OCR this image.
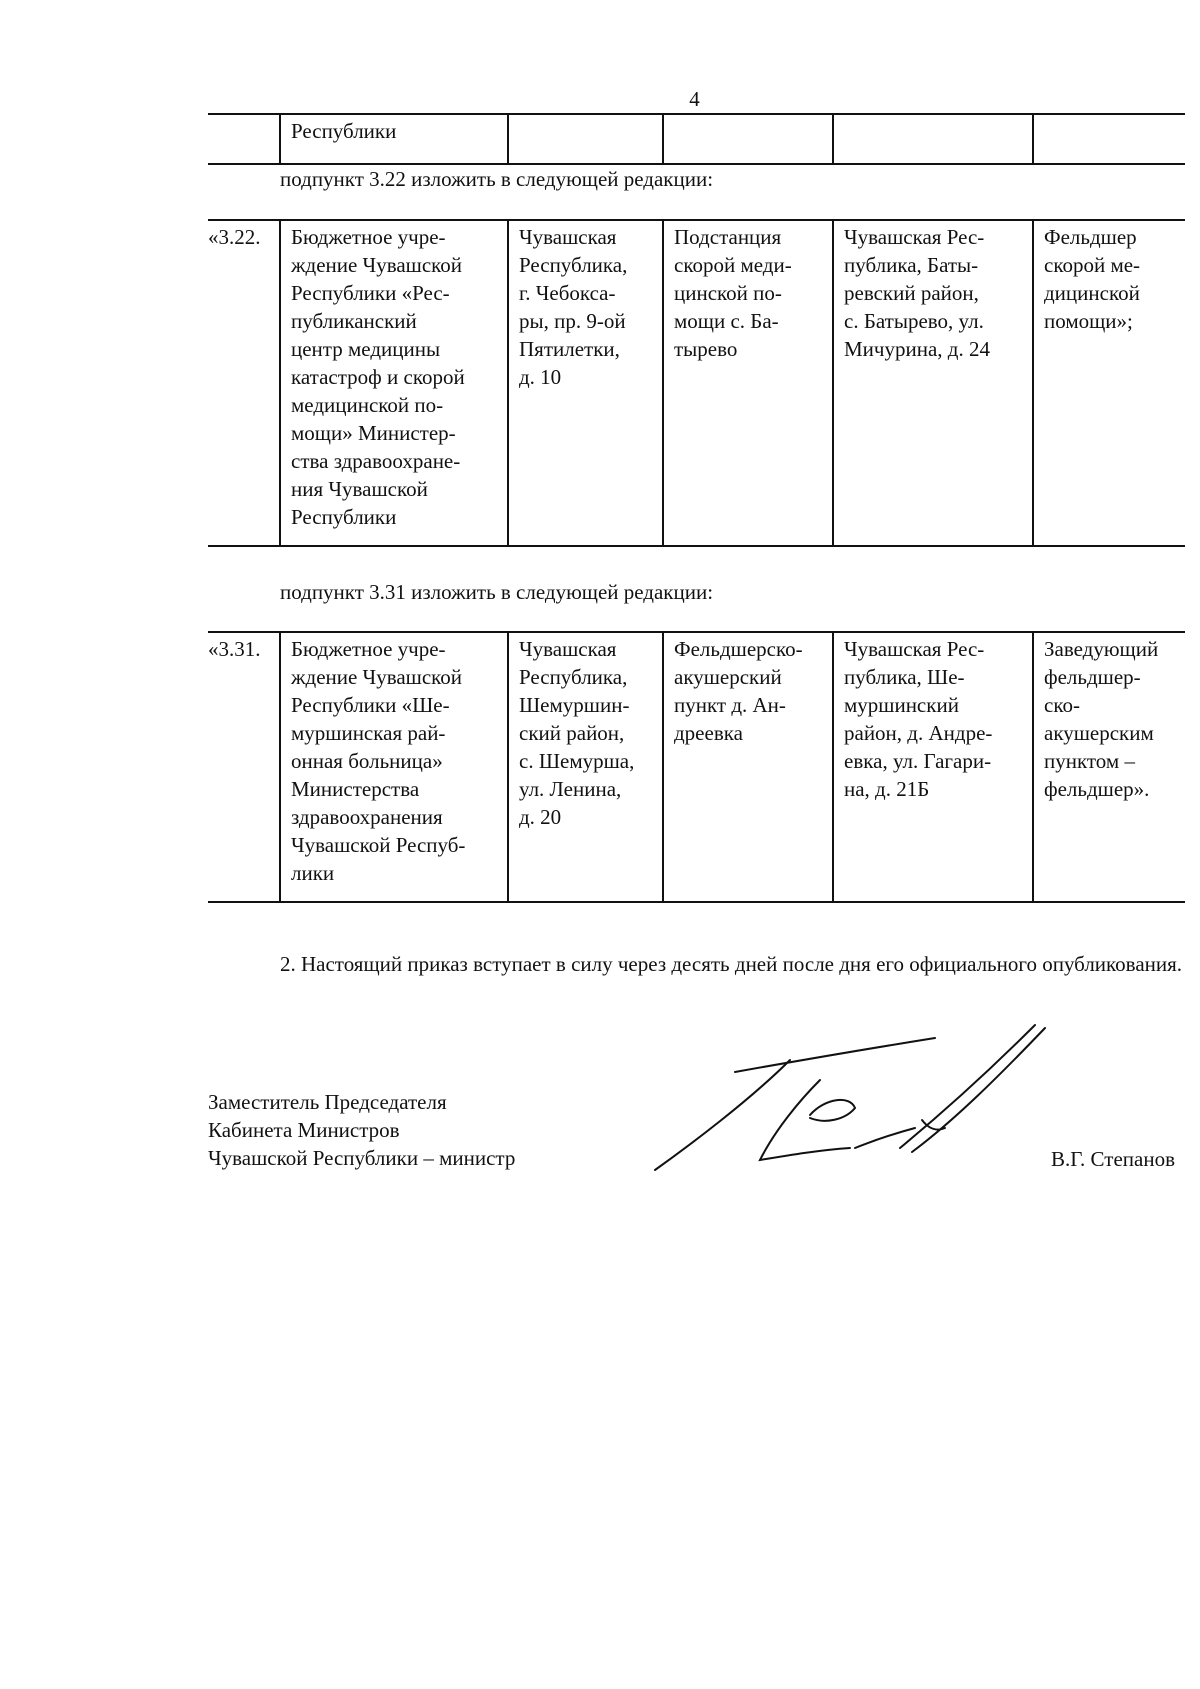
4
	Республики				
подпункт 3.22 изложить в следующей редакции:
«3.22.	Бюджетное учре-
ждение Чувашской
Республики «Рес-
публиканский
центр медицины
катастроф и скорой
медицинской по-
мощи» Министер-
ства здравоохране-
ния Чувашской
Республики	Чувашская
Республика,
г. Чебокса-
ры, пр. 9-ой
Пятилетки,
д. 10	Подстанция
скорой меди-
цинской по-
мощи с. Ба-
тырево	Чувашская Рес-
публика, Баты-
ревский район,
с. Батырево, ул.
Мичурина, д. 24	Фельдшер
скорой ме-
дицинской
помощи»;
подпункт 3.31 изложить в следующей редакции:
«3.31.	Бюджетное учре-
ждение Чувашской
Республики «Ше-
муршинская рай-
онная больница»
Министерства
здравоохранения
Чувашской Респуб-
лики	Чувашская
Республика,
Шемуршин-
ский район,
с. Шемурша,
ул. Ленина,
д. 20	Фельдшерско-
акушерский
пункт д. Ан-
дреевка	Чувашская Рес-
публика, Ше-
муршинский
район, д. Андре-
евка, ул. Гагари-
на, д. 21Б	Заведующий
фельдшер-
ско-
акушерским
пунктом –
фельдшер».
2. Настоящий приказ вступает в силу через десять дней после дня его официального опубликования.
Заместитель Председателя
Кабинета Министров
Чувашской Республики – министр	В.Г. Степанов
